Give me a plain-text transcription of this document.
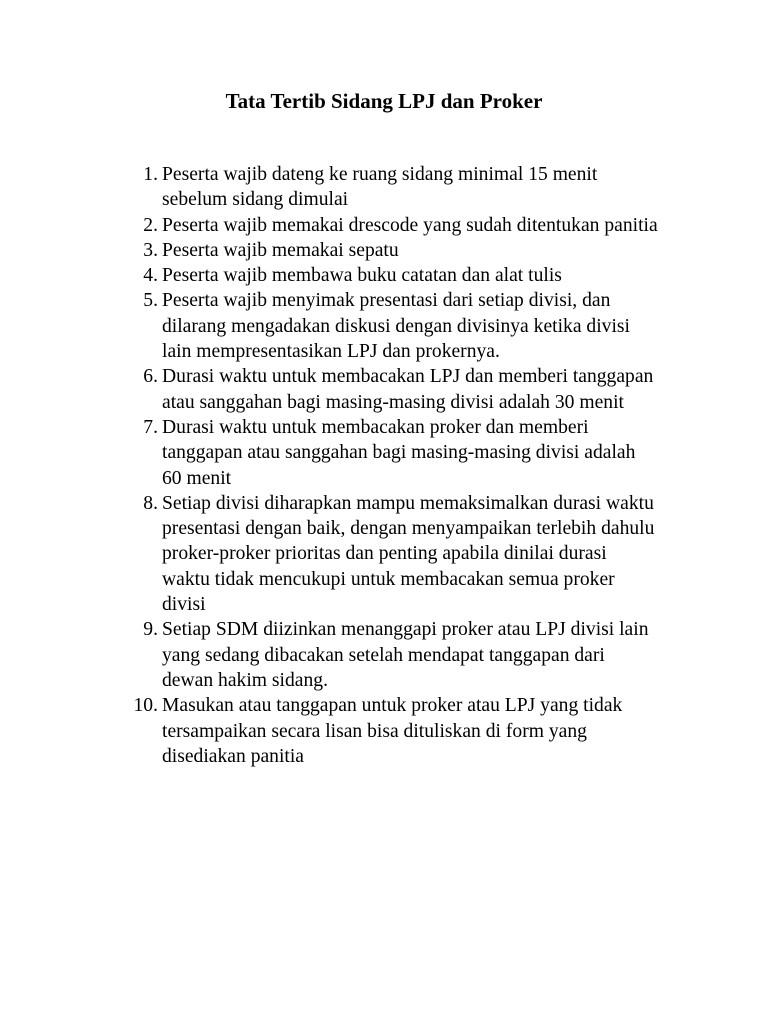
Tata Tertib Sidang LPJ dan Proker
1. Peserta wajib dateng ke ruang sidang minimal 15 menit sebelum sidang dimulai
2. Peserta wajib memakai drescode yang sudah ditentukan panitia
3. Peserta wajib memakai sepatu
4. Peserta wajib membawa buku catatan dan alat tulis
5. Peserta wajib menyimak presentasi dari setiap divisi, dan dilarang mengadakan diskusi dengan divisinya ketika divisi lain mempresentasikan LPJ dan prokernya.
6. Durasi waktu untuk membacakan LPJ dan memberi tanggapan atau sanggahan bagi masing-masing divisi adalah 30 menit
7. Durasi waktu untuk membacakan proker dan memberi tanggapan atau sanggahan bagi masing-masing divisi adalah 60 menit
8. Setiap divisi diharapkan mampu memaksimalkan durasi waktu presentasi dengan baik, dengan menyampaikan terlebih dahulu proker-proker prioritas dan penting apabila dinilai durasi waktu tidak mencukupi untuk membacakan semua proker divisi
9. Setiap SDM diizinkan menanggapi proker atau LPJ divisi lain yang sedang dibacakan setelah mendapat tanggapan dari dewan hakim sidang.
10. Masukan atau tanggapan untuk proker atau LPJ yang tidak tersampaikan secara lisan bisa dituliskan di form yang disediakan panitia
